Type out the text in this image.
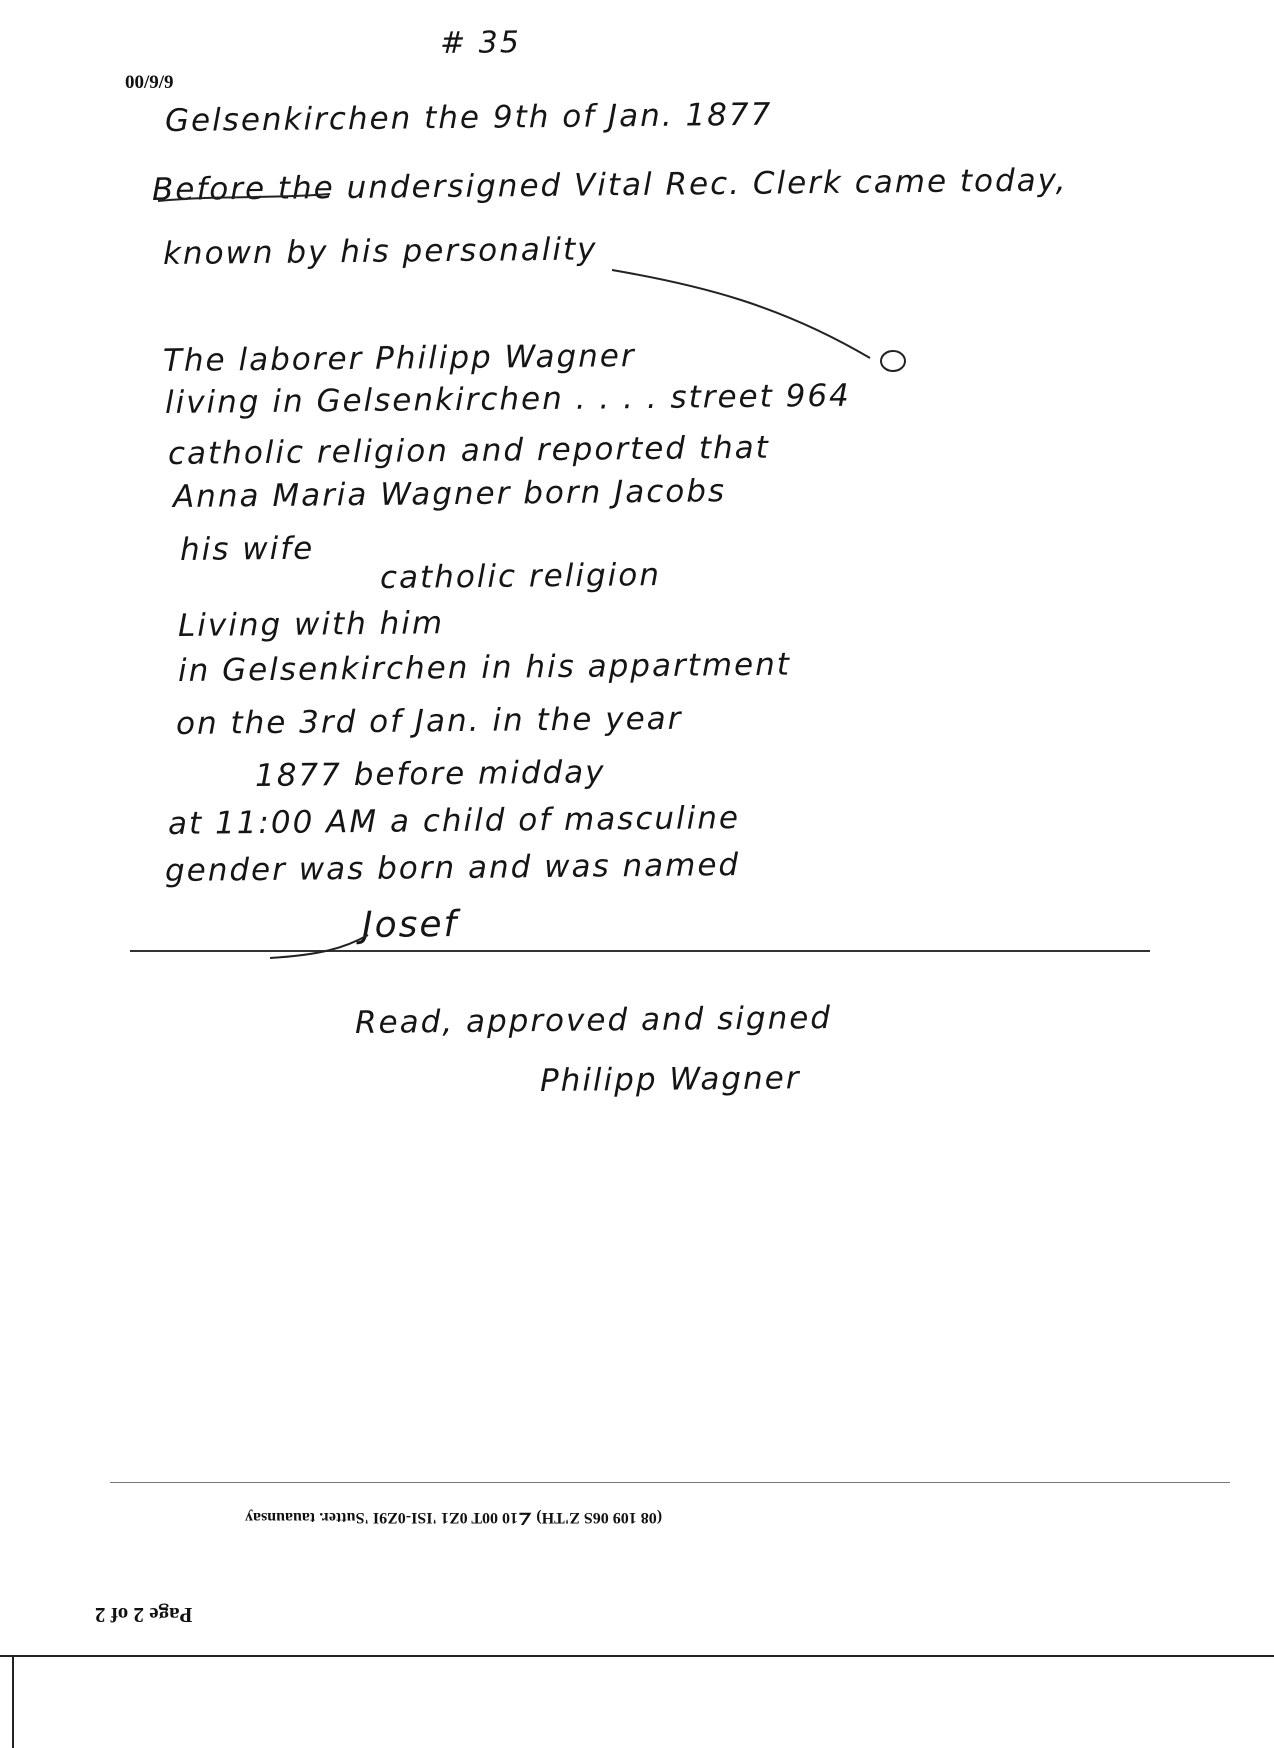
# 35
00/9/9
Gelsenkirchen the 9th of Jan. 1877
Before the undersigned Vital Rec. Clerk came today,
known by his personality
The laborer Philipp Wagner
living in Gelsenkirchen . . . . street 964
catholic religion and reported that
Anna Maria Wagner born Jacobs
his wife
catholic religion
Living with him
in Gelsenkirchen in his appartment
on the 3rd of Jan. in the year
1877 before midday
at 11:00 AM a child of masculine
gender was born and was named
Josef
Read, approved and signed
Philipp Wagner
(08 109 06S Z'TH) ∠10 00T 0Z1 'ISI-0Z9I 'Sutter. tauaunsay
Page 2 of 2
